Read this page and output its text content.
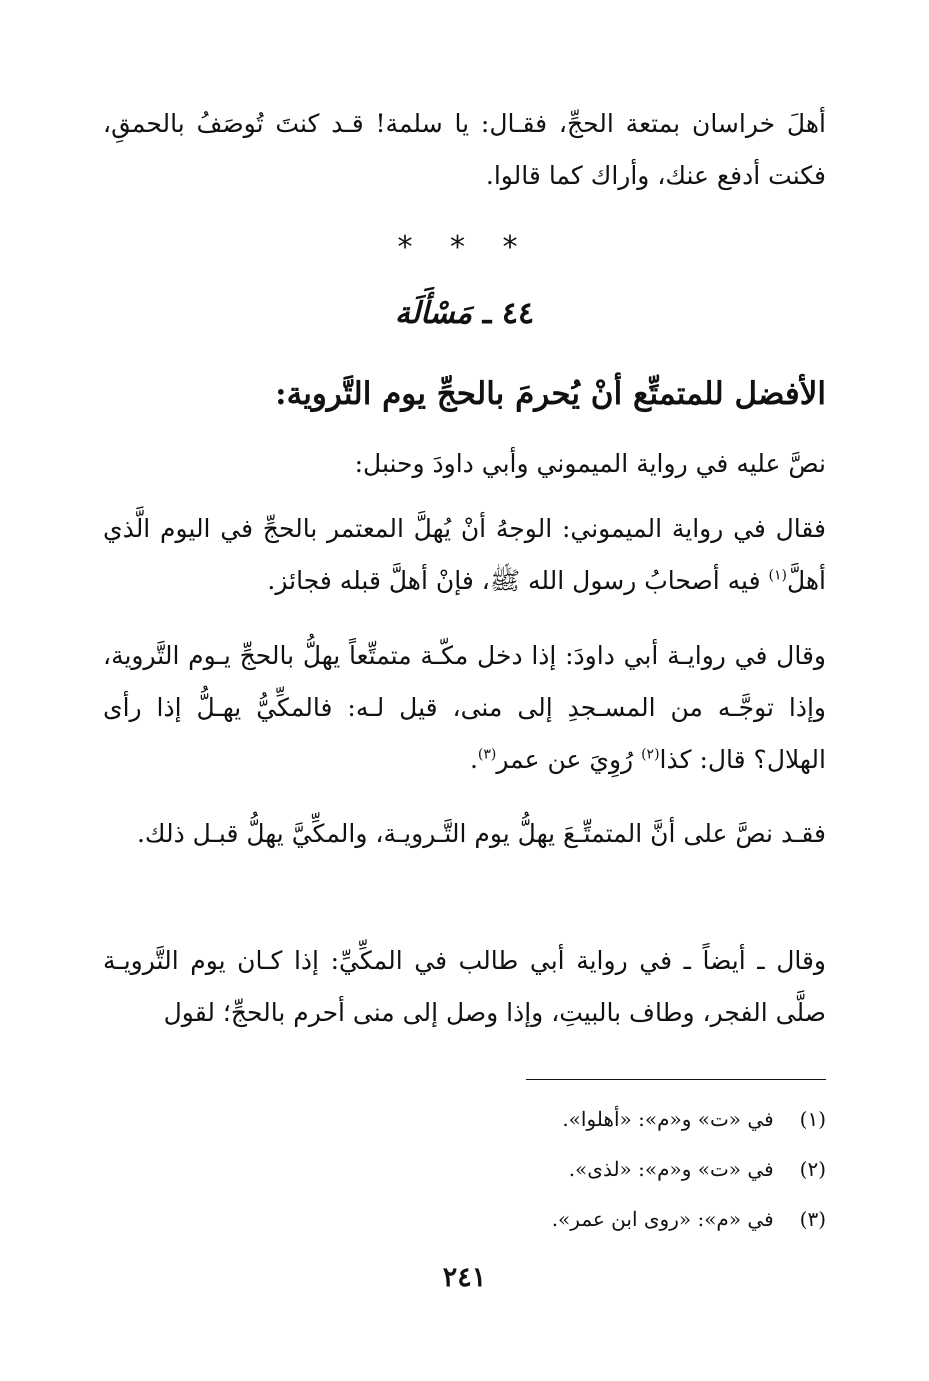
أهلَ خراسان بمتعة الحجِّ، فقـال: يا سلمة! قـد كنتَ تُوصَفُ بالحمقِ، فكنت أدفع عنك، وأراك كما قالوا.

* * *
٤٤ ـ مَسْأَلَة
الأفضل للمتمتِّع أنْ يُحرمَ بالحجِّ يوم التَّروية:

نصَّ عليه في رواية الميموني وأبي داودَ وحنبل:

فقال في رواية الميموني: الوجهُ أنْ يُهلَّ المعتمر بالحجِّ في اليوم الَّذي أهلَّ$^{(١)}$ فيه أصحابُ رسول الله ﷺ، فإنْ أهلَّ قبله فجائز.

وقال في روايـة أبي داودَ: إذا دخل مكّـة متمتِّعاً يهلُّ بالحجِّ يـوم التَّروية، وإذا توجَّـه من المسـجدِ إلى منى، قيل لـه: فالمكِّيُّ يهـلُّ إذا رأى الهلال؟ قال: كذا$^{(٢)}$ رُوِيَ عن عمر$^{(٣)}$.

فقـد نصَّ على أنَّ المتمتِّـعَ يهلُّ يوم التَّـرويـة، والمكِّيَّ يهلُّ قبـل ذلك.

وقال ـ أيضاً ـ في رواية أبي طالب في المكِّيِّ: إذا كـان يوم التَّرويـة صلَّى الفجر، وطاف بالبيتِ، وإذا وصل إلى منى أحرم بالحجِّ؛ لقول

(١) في «ت» و«م»: «أهلوا».
(٢) في «ت» و«م»: «لذى».
(٣) في «م»: «روى ابن عمر».
٢٤١
